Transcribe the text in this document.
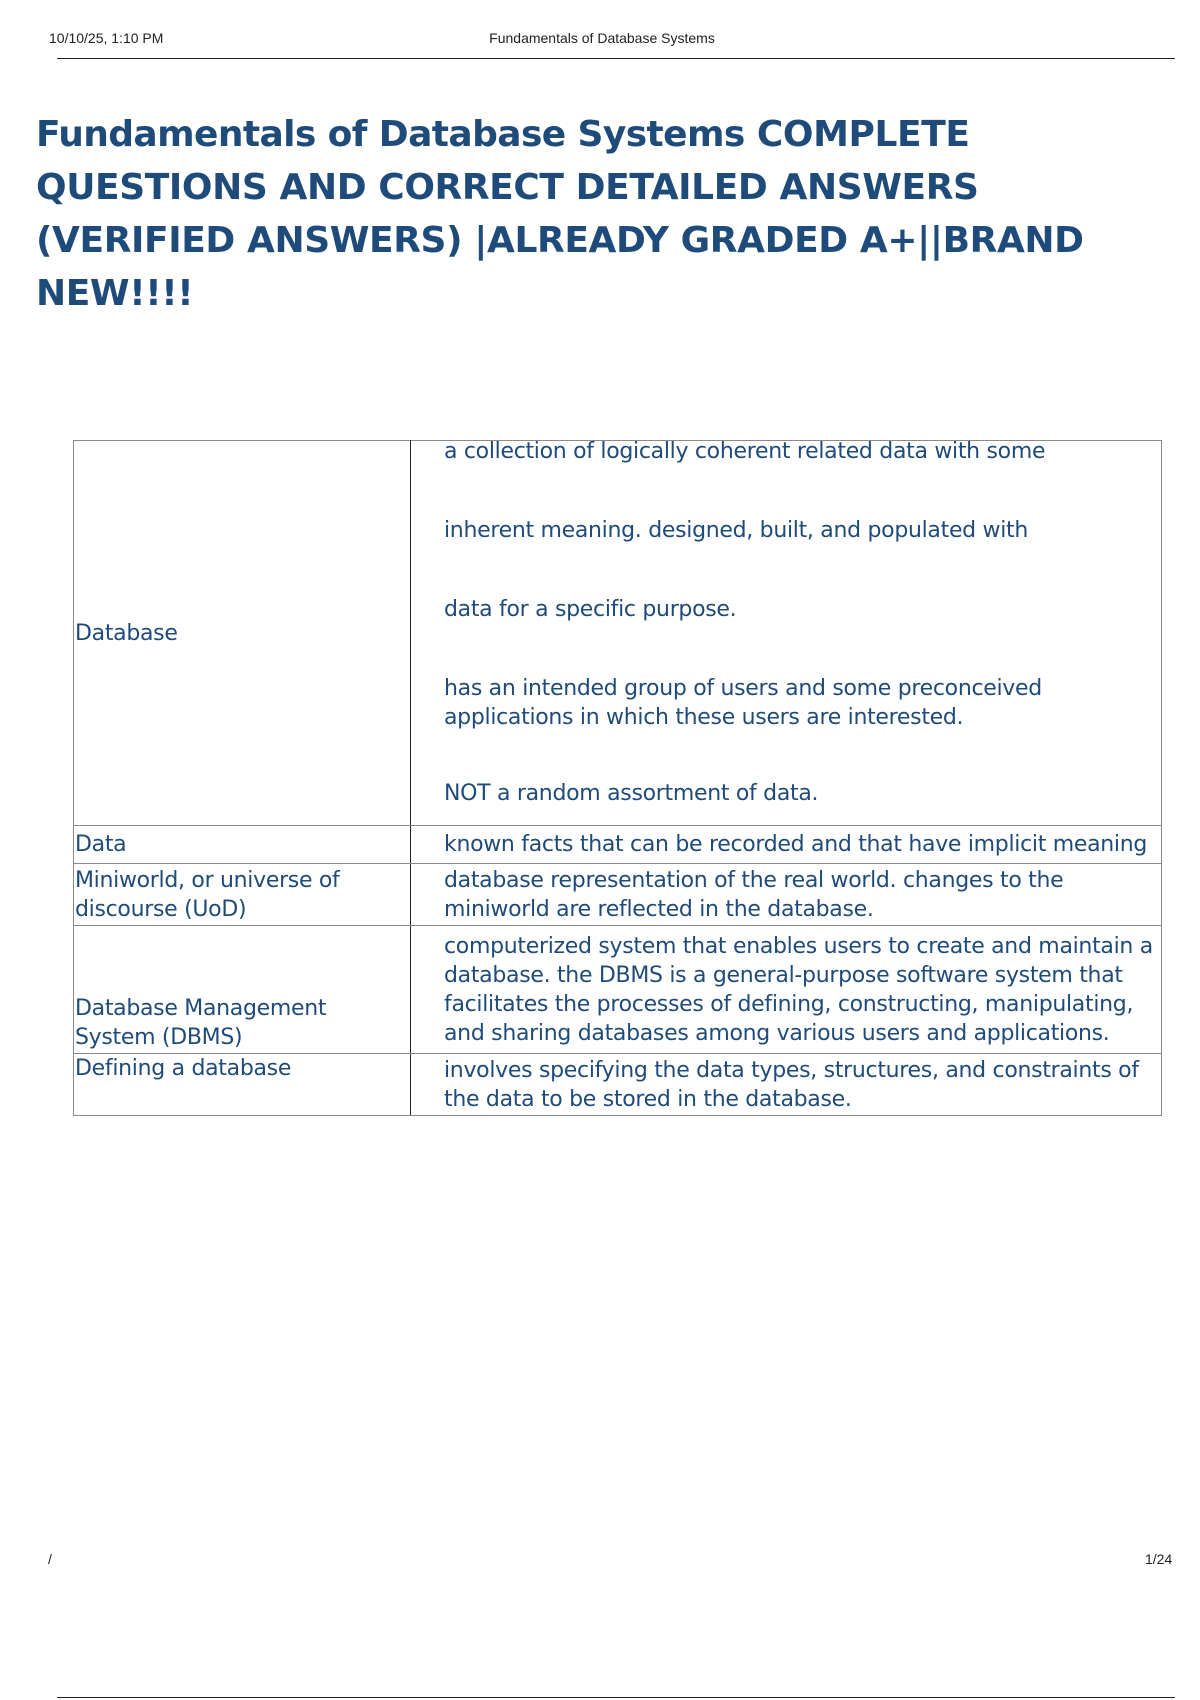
10/10/25, 1:10 PM	Fundamentals of Database Systems
Fundamentals of Database Systems COMPLETE QUESTIONS AND CORRECT DETAILED ANSWERS (VERIFIED ANSWERS) |ALREADY GRADED A+||BRAND NEW!!!!
Database	a collection of logically coherent related data with some
inherent meaning. designed, built, and populated with
data for a specific purpose.
has an intended group of users and some preconceived applications in which these users are interested.
NOT a random assortment of data.

Data	known facts that can be recorded and that have implicit meaning
Miniworld, or universe of discourse (UoD)	database representation of the real world. changes to the miniworld are reflected in the database.
Database Management System (DBMS)	computerized system that enables users to create and maintain a database. the DBMS is a general-purpose software system that facilitates the processes of defining, constructing, manipulating, and sharing databases among various users and applications.
Defining a database	involves specifying the data types, structures, and constraints of the data to be stored in the database.
/	1/24
